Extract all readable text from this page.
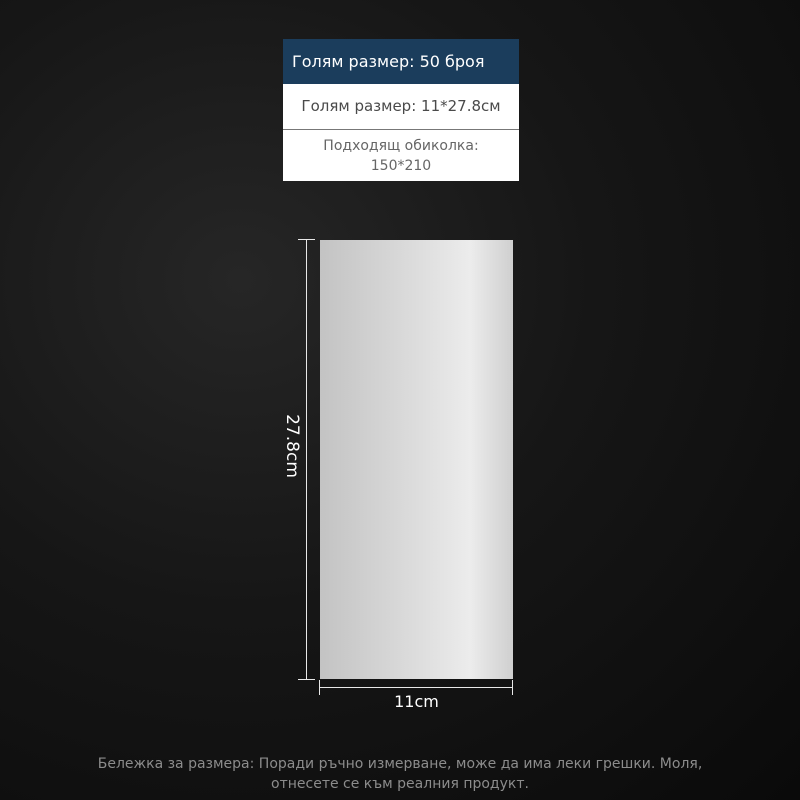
Голям размер: 50 броя
Голям размер: 11*27.8см
Подходящ обиколка:
150*210
27.8cm
11cm
Бележка за размера: Поради ръчно измерване, може да има леки грешки. Моля,
отнесете се към реалния продукт.
